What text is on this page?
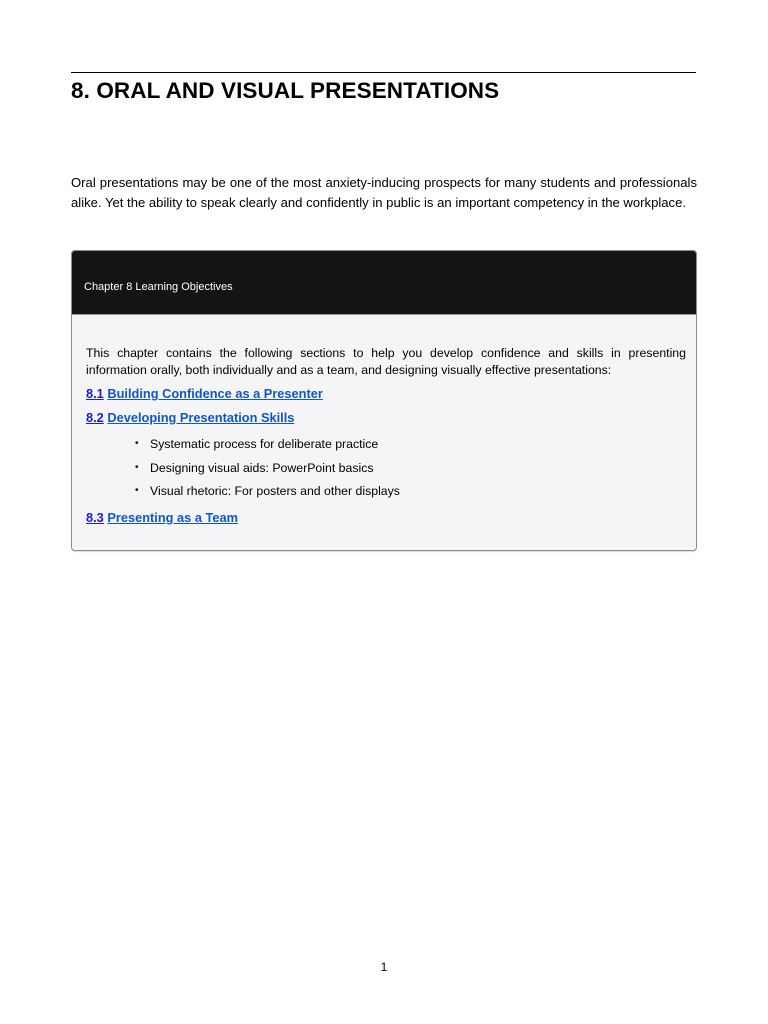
8. ORAL AND VISUAL PRESENTATIONS

Oral presentations may be one of the most anxiety-inducing prospects for many students and professionals alike. Yet the ability to speak clearly and confidently in public is an important competency in the workplace.

Chapter 8 Learning Objectives

This chapter contains the following sections to help you develop confidence and skills in presenting information orally, both individually and as a team, and designing visually effective presentations:

8.1 Building Confidence as a Presenter
8.2 Developing Presentation Skills
• Systematic process for deliberate practice
• Designing visual aids: PowerPoint basics
• Visual rhetoric: For posters and other displays
8.3 Presenting as a Team

1
